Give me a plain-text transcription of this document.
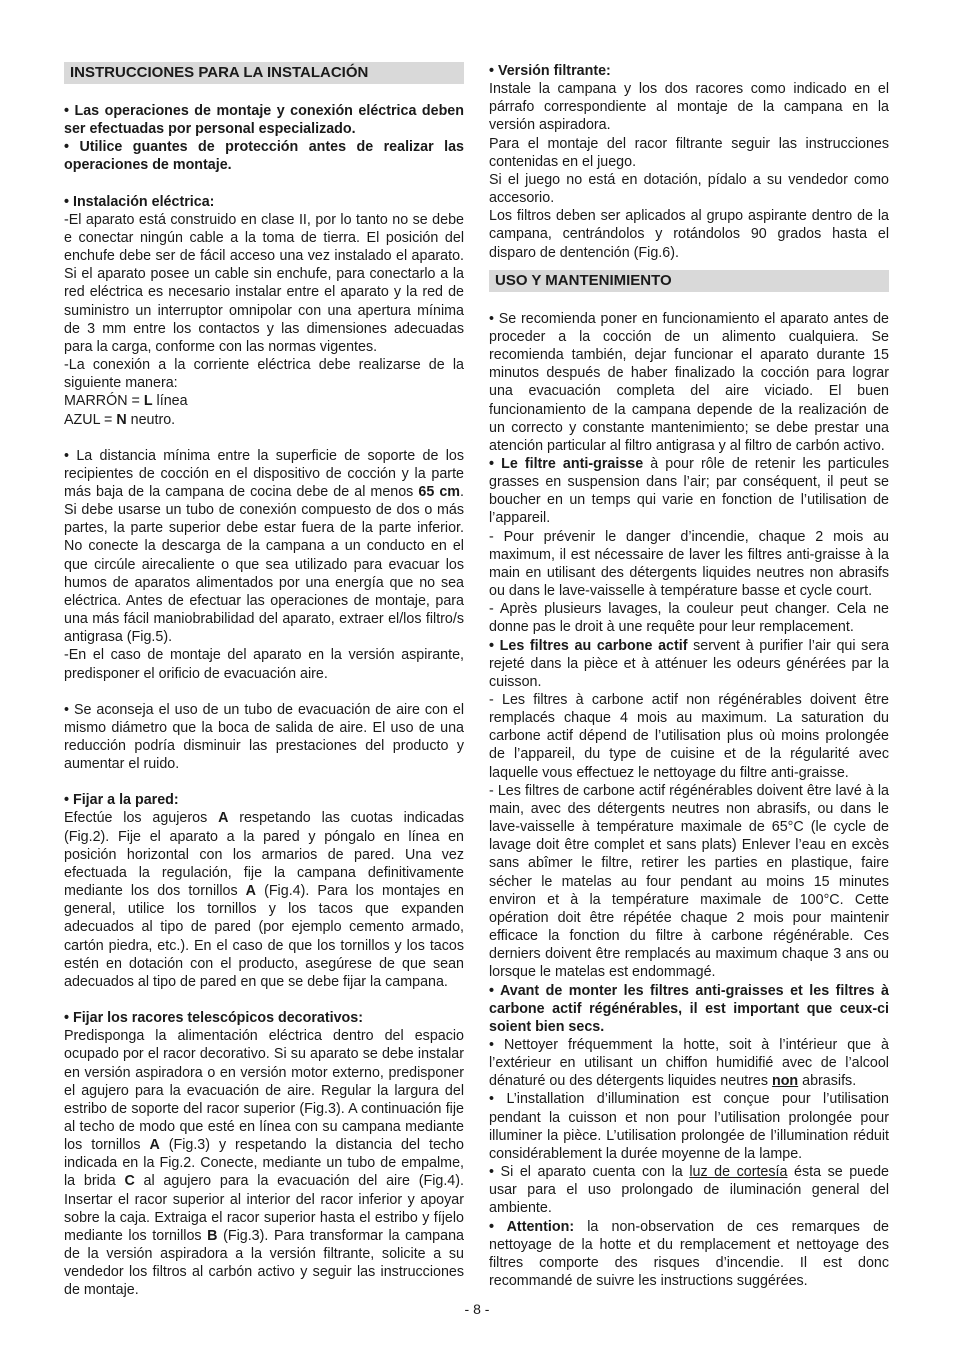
INSTRUCCIONES PARA LA INSTALACIÓN

• Las operaciones de montaje y conexión eléctrica deben ser efectuadas por personal especializado.

• Utilice guantes de protección antes de realizar las operaciones de montaje.

• Instalación eléctrica:

-El aparato está construido en clase II, por lo tanto no se debe e conectar ningún cable a la toma de tierra. El posición del enchufe debe ser de fácil acceso una vez instalado el aparato. Si el aparato posee un cable sin enchufe, para conectarlo a la red eléctrica es necesario instalar entre el aparato y la red de suministro un interruptor omnipolar con una apertura mínima de 3 mm entre los contactos y las dimensiones adecuadas para la carga, conforme con las normas vigentes.

-La conexión a la corriente eléctrica debe realizarse de la siguiente manera:

MARRÓN = L línea

AZUL = N neutro.

• La distancia mínima entre la superficie de soporte de los recipientes de cocción en el dispositivo de cocción y la parte más baja de la campana de cocina debe de al menos 65 cm. Si debe usarse un tubo de conexión compuesto de dos o más partes, la parte superior debe estar fuera de la parte inferior. No conecte la descarga de la campana a un conducto en el que circúle airecaliente o que sea utilizado para evacuar los humos de aparatos alimentados por una energía que no sea eléctrica. Antes de efectuar las operaciones de montaje, para una más fácil maniobrabilidad del aparato, extraer el/los filtro/s antigrasa (Fig.5).

-En el caso de montaje del aparato en la versión aspirante, predisponer el orificio de evacuación aire.

• Se aconseja el uso de un tubo de evacuación de aire con el mismo diámetro que la boca de salida de aire. El uso de una reducción podría disminuir las prestaciones del producto y aumentar el ruido.

• Fijar a la pared:

Efectúe los agujeros A respetando las cuotas indicadas (Fig.2). Fije el aparato a la pared y póngalo en línea en posición horizontal con los armarios de pared. Una vez efectuada la regulación, fije la campana definitivamente mediante los dos tornillos A (Fig.4). Para los montajes en general, utilice los tornillos y los tacos que expanden adecuados al tipo de pared (por ejemplo cemento armado, cartón piedra, etc.). En el caso de que los tornillos y los tacos estén en dotación con el producto, asegúrese de que sean adecuados al tipo de pared en que se debe fijar la campana.

• Fijar los racores telescópicos decorativos:

Predisponga la alimentación eléctrica dentro del espacio ocupado por el racor decorativo. Si su aparato se debe instalar en versión aspiradora o en versión motor externo, predisponer el agujero para la evacuación de aire. Regular la largura del estribo de soporte del racor superior (Fig.3). A continuación fije al techo de modo que esté en línea con su campana mediante los tornillos A (Fig.3) y respetando la distancia del techo indicada en la Fig.2. Conecte, mediante un tubo de empalme, la brida C al agujero para la evacuación del aire (Fig.4). Insertar el racor superior al interior del racor inferior y apoyar sobre la caja. Extraiga el racor superior hasta el estribo y fíjelo mediante los tornillos B (Fig.3). Para transformar la campana de la versión aspiradora a la versión filtrante, solicite a su vendedor los filtros al carbón activo y seguir las instrucciones de montaje.

• Versión filtrante:

Instale la campana y los dos racores como indicado en el párrafo correspondiente al montaje de la campana en la versión aspiradora.

Para el montaje del racor filtrante seguir las instrucciones contenidas en el juego.

Si el juego no está en dotación, pídalo a su vendedor como accesorio.

Los filtros deben ser aplicados al grupo aspirante dentro de la campana, centrándolos y rotándolos 90 grados hasta el disparo de dentención (Fig.6).

USO Y MANTENIMIENTO

• Se recomienda poner en funcionamiento el aparato antes de proceder a la cocción de un alimento cualquiera. Se recomienda también, dejar funcionar el aparato durante 15 minutos después de haber finalizado la cocción para lograr una evacuación completa del aire viciado. El buen funcionamiento de la campana depende de la realización de un correcto y constante mantenimiento; se debe prestar una atención particular al filtro antigrasa y al filtro de carbón activo.

• Le filtre anti-graisse à pour rôle de retenir les particules grasses en suspension dans l’air; par conséquent, il peut se boucher en un temps qui varie en fonction de l’utilisation de l’appareil.

- Pour prévenir le danger d’incendie, chaque 2 mois au maximum, il est nécessaire de laver les filtres anti-graisse à la main en utilisant des détergents liquides neutres non abrasifs ou dans le lave-vaisselle à température basse et cycle court.

- Après plusieurs lavages, la couleur peut changer. Cela ne donne pas le droit à une requête pour leur remplacement.

• Les filtres au carbone actif servent à purifier l’air qui sera rejeté dans la pièce et à atténuer les odeurs générées par la cuisson.

- Les filtres à carbone actif non régénérables doivent être remplacés chaque 4 mois au maximum. La saturation du carbone actif dépend de l’utilisation plus où moins prolongée de l’appareil, du type de cuisine et de la régularité avec laquelle vous effectuez le nettoyage du filtre anti-graisse.

- Les filtres de carbone actif régénérables doivent être lavé à la main, avec des détergents neutres non abrasifs, ou dans le lave-vaisselle à température maximale de 65°C (le cycle de lavage doit être complet et sans plats) Enlever l’eau en excès sans abîmer le filtre, retirer les parties en plastique, faire sécher le matelas au four pendant au moins 15 minutes environ et à la température maximale de 100°C. Cette opération doit être répétée chaque 2 mois pour maintenir efficace la fonction du filtre à carbone régénérable. Ces derniers doivent être remplacés au maximum chaque 3 ans ou lorsque le matelas est endommagé.

• Avant de monter les filtres anti-graisses et les filtres à carbone actif régénérables, il est important que ceux-ci soient bien secs.

• Nettoyer fréquemment la hotte, soit à l’intérieur que à l’extérieur en utilisant un chiffon humidifié avec de l’alcool dénaturé ou des détergents liquides neutres non abrasifs.

• L’installation d’illumination est conçue pour l’utilisation pendant la cuisson et non pour l’utilisation prolongée pour illuminer la pièce. L’utilisation prolongée de l’illumination réduit considérablement la durée moyenne de la lampe.

• Si el aparato cuenta con la luz de cortesía ésta se puede usar para el uso prolongado de iluminación general del ambiente.

• Attention: la non-observation de ces remarques de nettoyage de la hotte et du remplacement et nettoyage des filtres comporte des risques d’incendie. Il est donc recommandé de suivre les instructions suggérées.

- 8 -
